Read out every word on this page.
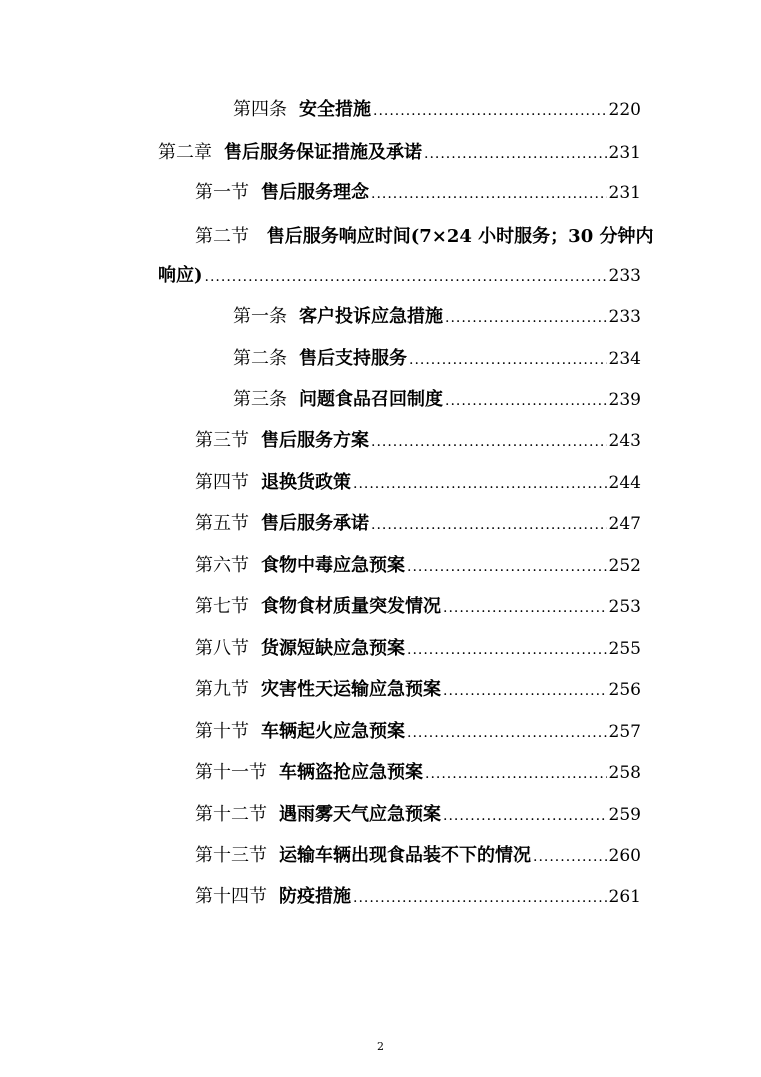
第四条 安全措施 .....	220
第二章 售后服务保证措施及承诺 .....	231
第一节 售后服务理念 .....	231
第二节 售后服务响应时间(7×24 小时服务；30 分钟内
响应) .....	233
第一条 客户投诉应急措施 .....	233
第二条 售后支持服务 .....	234
第三条 问题食品召回制度 .....	239
第三节 售后服务方案 .....	243
第四节 退换货政策 .....	244
第五节 售后服务承诺 .....	247
第六节 食物中毒应急预案 .....	252
第七节 食物食材质量突发情况 .....	253
第八节 货源短缺应急预案 .....	255
第九节 灾害性天运输应急预案 .....	256
第十节 车辆起火应急预案 .....	257
第十一节 车辆盗抢应急预案 .....	258
第十二节 遇雨雾天气应急预案 .....	259
第十三节 运输车辆出现食品装不下的情况 .....	260
第十四节 防疫措施 .....	261
2
